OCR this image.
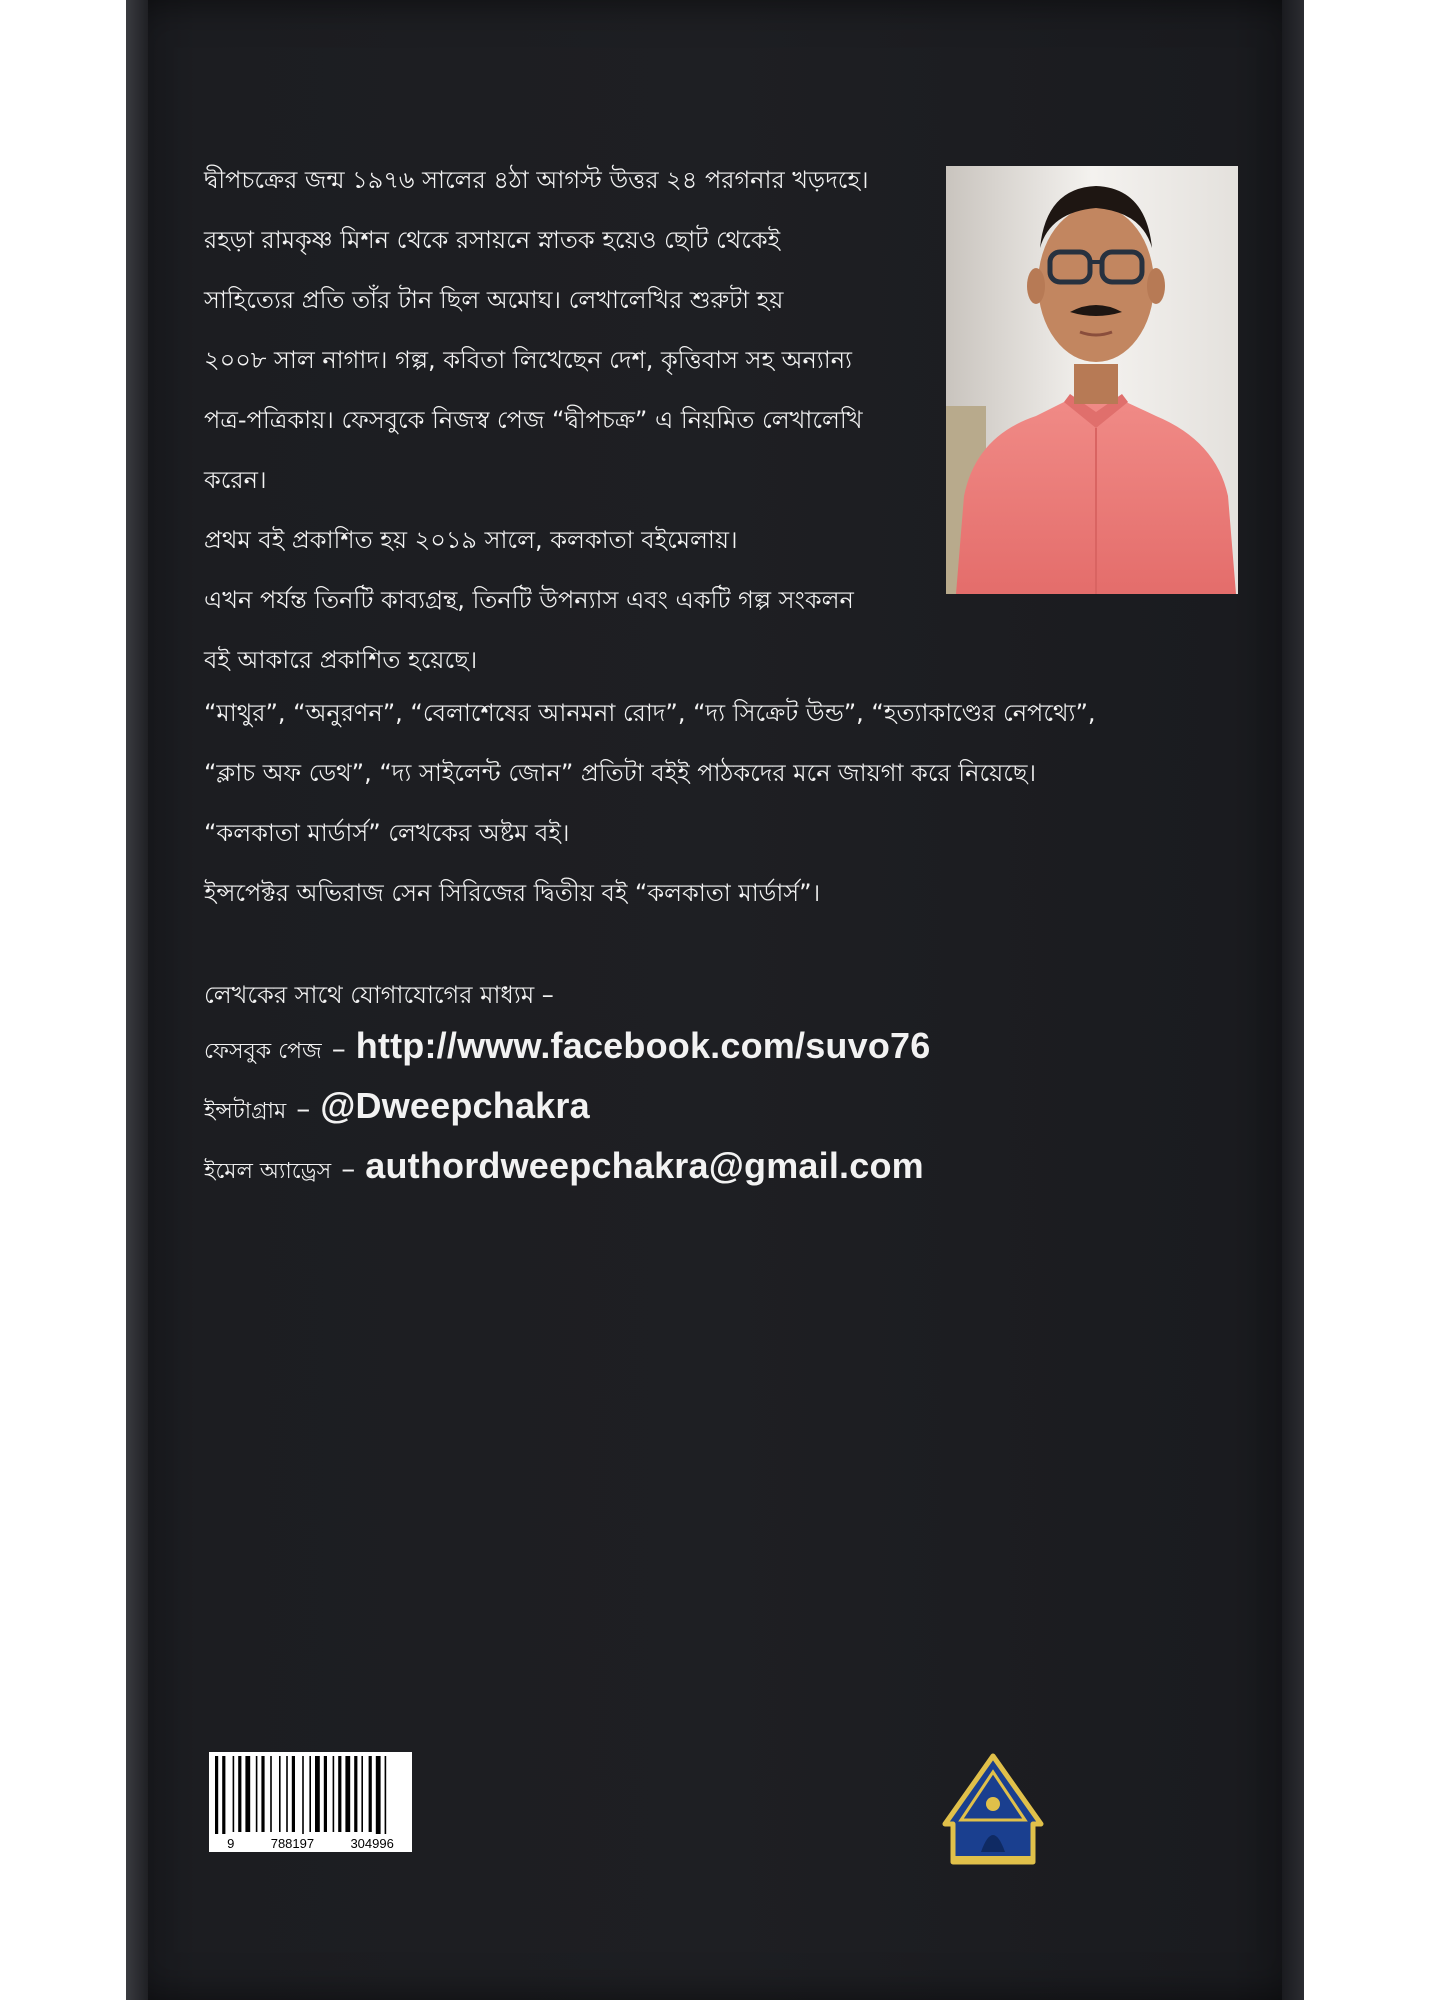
দ্বীপচক্রের জন্ম ১৯৭৬ সালের ৪ঠা আগস্ট উত্তর ২৪ পরগনার খড়দহে।

রহড়া রামকৃষ্ণ মিশন থেকে রসায়নে স্নাতক হয়েও ছোট থেকেই

সাহিত্যের প্রতি তাঁর টান ছিল অমোঘ। লেখালেখির শুরুটা হয়

২০০৮ সাল নাগাদ। গল্প, কবিতা লিখেছেন দেশ, কৃত্তিবাস সহ অন্যান্য

পত্র-পত্রিকায়। ফেসবুকে নিজস্ব পেজ “দ্বীপচক্র” এ নিয়মিত লেখালেখি

করেন।

প্রথম বই প্রকাশিত হয় ২০১৯ সালে, কলকাতা বইমেলায়।

এখন পর্যন্ত তিনটি কাব্যগ্রন্থ, তিনটি উপন্যাস এবং একটি গল্প সংকলন

বই আকারে প্রকাশিত হয়েছে।

“মাথুর”, “অনুরণন”, “বেলাশেষের আনমনা রোদ”, “দ্য সিক্রেট উন্ড”, “হত্যাকাণ্ডের নেপথ্যে”,

“ক্লাচ অফ ডেথ”, “দ্য সাইলেন্ট জোন” প্রতিটা বইই পাঠকদের মনে জায়গা করে নিয়েছে।

“কলকাতা মার্ডার্স” লেখকের অষ্টম বই।

ইন্সপেক্টর অভিরাজ সেন সিরিজের দ্বিতীয় বই “কলকাতা মার্ডার্স”।

লেখকের সাথে যোগাযোগের মাধ্যম –
ফেসবুক পেজ – http://www.facebook.com/suvo76
ইন্সটাগ্রাম – @Dweepchakra
ইমেল অ্যাড্রেস – authordweepchakra@gmail.com
9	788197	304996
